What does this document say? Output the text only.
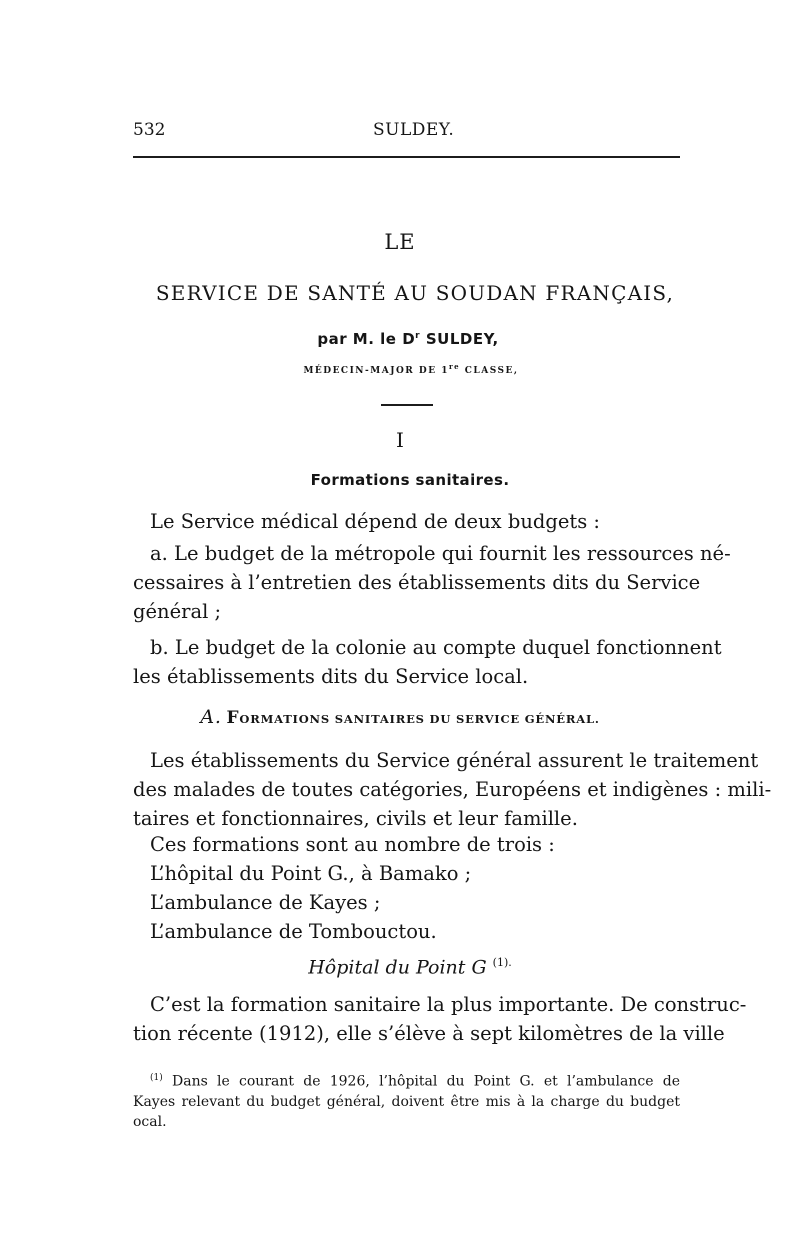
532	SULDEY.
LE
SERVICE DE SANTÉ AU SOUDAN FRANÇAIS,
par M. le $D^r$ SULDEY,
MÉDECIN-MAJOR DE 1re CLASSE,
I
Formations sanitaires.

Le Service médical dépend de deux budgets :

a. Le budget de la métropole qui fournit les ressources né-
cessaires à l’entretien des établissements dits du Service
général ;

b. Le budget de la colonie au compte duquel fonctionnent
les établissements dits du Service local.

A. FORMATIONS SANITAIRES DU SERVICE GÉNÉRAL.

Les établissements du Service général assurent le traitement
des malades de toutes catégories, Européens et indigènes : mili-
taires et fonctionnaires, civils et leur famille.

Ces formations sont au nombre de trois :
L’hôpital du Point G., à Bamako ;
L’ambulance de Kayes ;
L’ambulance de Tombouctou.

Hôpital du Point G $^{(1).}$

C’est la formation sanitaire la plus importante. De construc-
tion récente (1912), elle s’élève à sept kilomètres de la ville

$^{(1)}$ Dans le courant de 1926, l’hôpital du Point G. et l’ambulance de
Kayes relevant du budget général, doivent être mis à la charge du budget
ocal.
